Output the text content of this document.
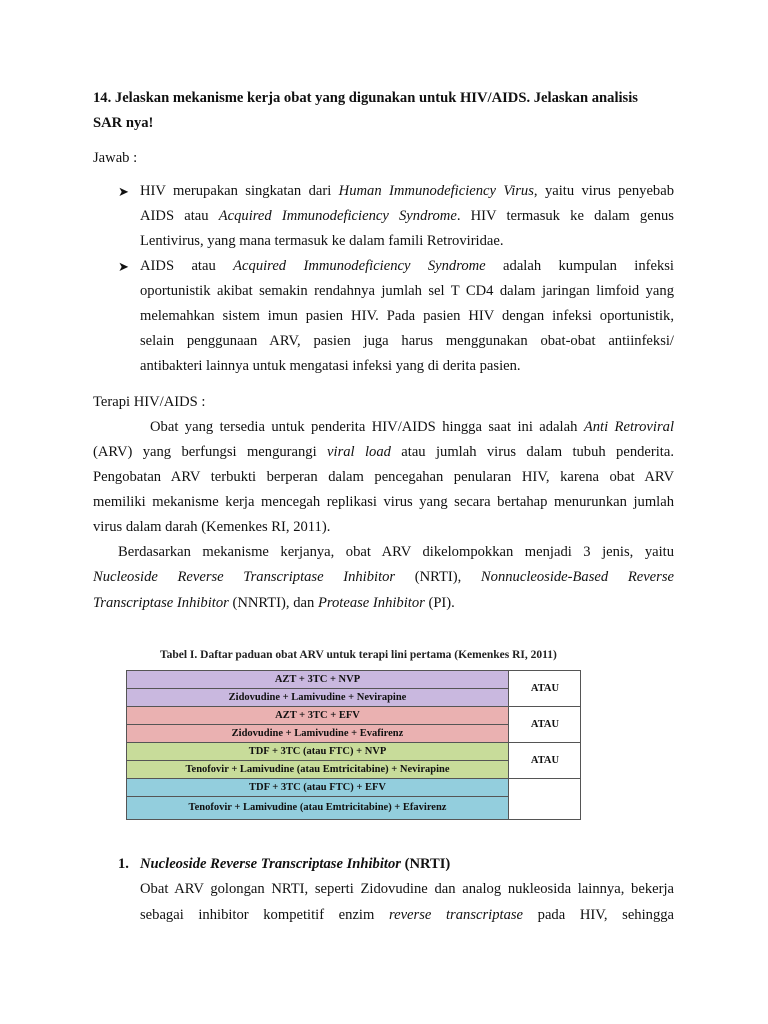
14. Jelaskan mekanisme kerja obat yang digunakan untuk HIV/AIDS. Jelaskan analisis
SAR nya!
Jawab :
➤ HIV merupakan singkatan dari Human Immunodeficiency Virus, yaitu virus penyebab
AIDS atau Acquired Immunodeficiency Syndrome. HIV termasuk ke dalam genus
Lentivirus, yang mana termasuk ke dalam famili Retroviridae.
➤ AIDS atau Acquired Immunodeficiency Syndrome adalah kumpulan infeksi
oportunistik akibat semakin rendahnya jumlah sel T CD4 dalam jaringan limfoid yang
melemahkan sistem imun pasien HIV. Pada pasien HIV dengan infeksi oportunistik,
selain penggunaan ARV, pasien juga harus menggunakan obat-obat antiinfeksi/
antibakteri lainnya untuk mengatasi infeksi yang di derita pasien.
Terapi HIV/AIDS :
Obat yang tersedia untuk penderita HIV/AIDS hingga saat ini adalah Anti Retroviral
(ARV) yang berfungsi mengurangi viral load atau jumlah virus dalam tubuh penderita.
Pengobatan ARV terbukti berperan dalam pencegahan penularan HIV, karena obat ARV
memiliki mekanisme kerja mencegah replikasi virus yang secara bertahap menurunkan jumlah
virus dalam darah (Kemenkes RI, 2011).
Berdasarkan mekanisme kerjanya, obat ARV dikelompokkan menjadi 3 jenis, yaitu
Nucleoside Reverse Transcriptase Inhibitor (NRTI), Nonnucleoside-Based Reverse
Transcriptase Inhibitor (NNRTI), dan Protease Inhibitor (PI).
Tabel I. Daftar paduan obat ARV untuk terapi lini pertama (Kemenkes RI, 2011)
AZT + 3TC + NVP
Zidovudine + Lamivudine + Nevirapine
AZT + 3TC + EFV
Zidovudine + Lamivudine + Evafirenz
TDF + 3TC (atau FTC) + NVP
Tenofovir + Lamivudine (atau Emtricitabine) + Nevirapine
TDF + 3TC (atau FTC) + EFV
Tenofovir + Lamivudine (atau Emtricitabine) + Efavirenz
ATAU
ATAU
ATAU
1. Nucleoside Reverse Transcriptase Inhibitor (NRTI)
Obat ARV golongan NRTI, seperti Zidovudine dan analog nukleosida lainnya, bekerja
sebagai inhibitor kompetitif enzim reverse transcriptase pada HIV, sehingga
